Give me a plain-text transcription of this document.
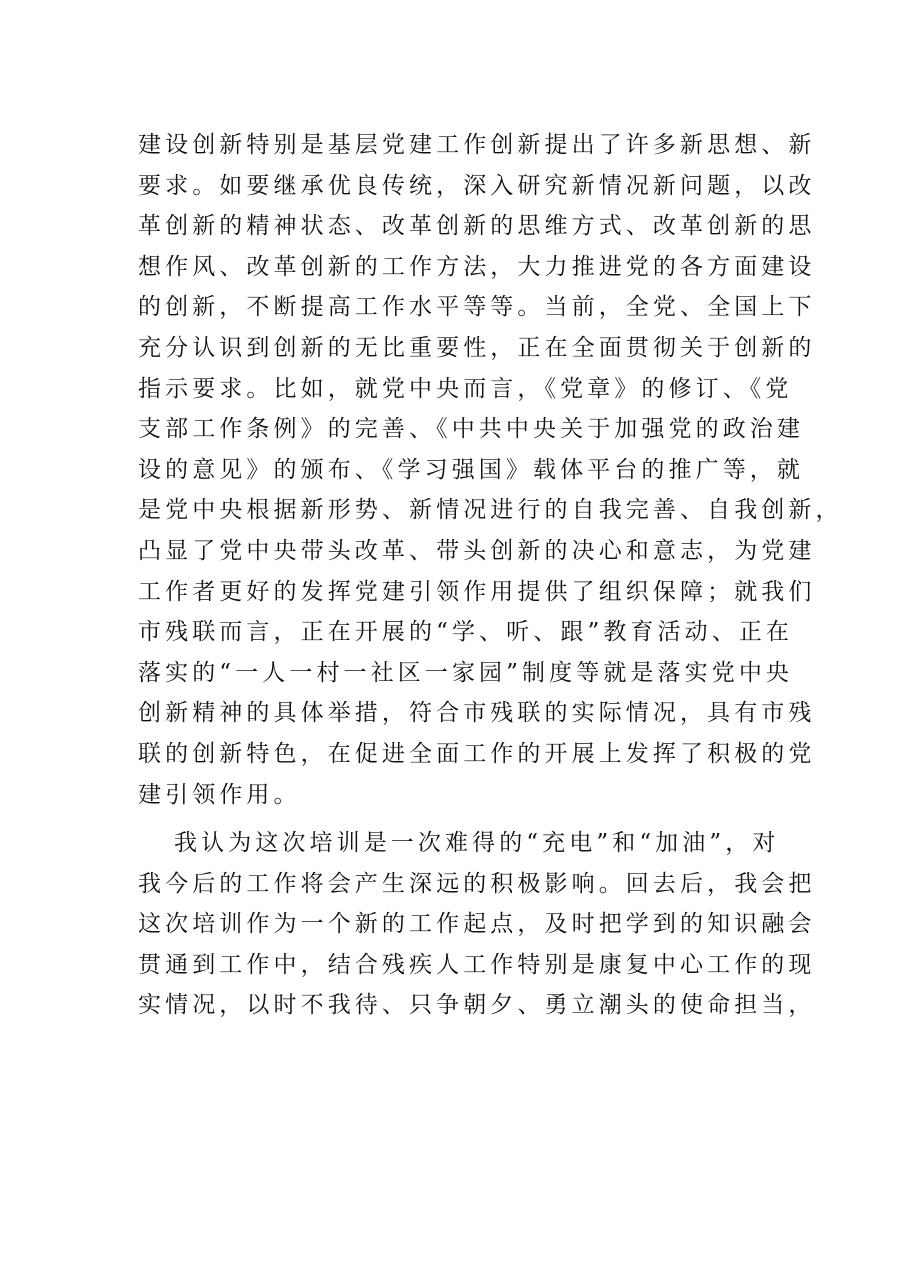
建设创新特别是基层党建工作创新提出了许多新思想、新
要求。如要继承优良传统，深入研究新情况新问题，以改
革创新的精神状态、改革创新的思维方式、改革创新的思
想作风、改革创新的工作方法，大力推进党的各方面建设
的创新，不断提高工作水平等等。当前，全党、全国上下
充分认识到创新的无比重要性，正在全面贯彻关于创新的
指示要求。比如，就党中央而言，《党章》的修订、《党
支部工作条例》的完善、《中共中央关于加强党的政治建
设的意见》的颁布、《学习强国》载体平台的推广等，就
是党中央根据新形势、新情况进行的自我完善、自我创新，
凸显了党中央带头改革、带头创新的决心和意志，为党建
工作者更好的发挥党建引领作用提供了组织保障；就我们
市残联而言，正在开展的“学、听、跟”教育活动、正在
落实的“一人一村一社区一家园”制度等就是落实党中央
创新精神的具体举措，符合市残联的实际情况，具有市残
联的创新特色，在促进全面工作的开展上发挥了积极的党
建引领作用。

我认为这次培训是一次难得的“充电”和“加油”，对
我今后的工作将会产生深远的积极影响。回去后，我会把
这次培训作为一个新的工作起点，及时把学到的知识融会
贯通到工作中，结合残疾人工作特别是康复中心工作的现
实情况，以时不我待、只争朝夕、勇立潮头的使命担当，
